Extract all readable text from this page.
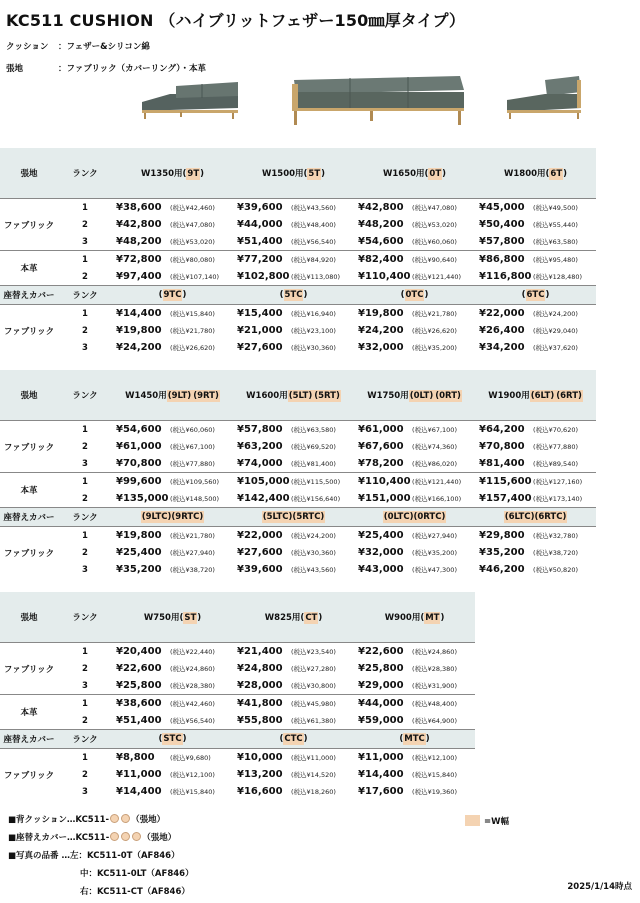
KC511 CUSHION （ハイブリットフェザー150㎜厚タイプ）
クッション ：フェザー&シリコン綿
張地	：ファブリック（カバーリング）・本革
張地	ランク	W1350用(9T)		W1500用(5T)		W1650用(0T)		W1800用(6T)	
ファブリック	1	¥38,600	(税込¥42,460)	¥39,600	(税込¥43,560)	¥42,800	(税込¥47,080)	¥45,000	(税込¥49,500)
	2	¥42,800	(税込¥47,080)	¥44,000	(税込¥48,400)	¥48,200	(税込¥53,020)	¥50,400	(税込¥55,440)
	3	¥48,200	(税込¥53,020)	¥51,400	(税込¥56,540)	¥54,600	(税込¥60,060)	¥57,800	(税込¥63,580)
本革	1	¥72,800	(税込¥80,080)	¥77,200	(税込¥84,920)	¥82,400	(税込¥90,640)	¥86,800	(税込¥95,480)
	2	¥97,400	(税込¥107,140)	¥102,800	(税込¥113,080)	¥110,400	(税込¥121,440)	¥116,800	(税込¥128,480)
座替えカバー	ランク	(9TC)		(5TC)		(0TC)		(6TC)	
ファブリック	1	¥14,400	(税込¥15,840)	¥15,400	(税込¥16,940)	¥19,800	(税込¥21,780)	¥22,000	(税込¥24,200)
	2	¥19,800	(税込¥21,780)	¥21,000	(税込¥23,100)	¥24,200	(税込¥26,620)	¥26,400	(税込¥29,040)
	3	¥24,200	(税込¥26,620)	¥27,600	(税込¥30,360)	¥32,000	(税込¥35,200)	¥34,200	(税込¥37,620)
張地	ランク	W1450用(9LT) (9RT)		W1600用(5LT) (5RT)		W1750用(0LT) (0RT)		W1900用(6LT) (6RT)	
ファブリック	1	¥54,600	(税込¥60,060)	¥57,800	(税込¥63,580)	¥61,000	(税込¥67,100)	¥64,200	(税込¥70,620)
	2	¥61,000	(税込¥67,100)	¥63,200	(税込¥69,520)	¥67,600	(税込¥74,360)	¥70,800	(税込¥77,880)
	3	¥70,800	(税込¥77,880)	¥74,000	(税込¥81,400)	¥78,200	(税込¥86,020)	¥81,400	(税込¥89,540)
本革	1	¥99,600	(税込¥109,560)	¥105,000	(税込¥115,500)	¥110,400	(税込¥121,440)	¥115,600	(税込¥127,160)
	2	¥135,000	(税込¥148,500)	¥142,400	(税込¥156,640)	¥151,000	(税込¥166,100)	¥157,400	(税込¥173,140)
座替えカバー	ランク	(9LTC)(9RTC)		(5LTC)(5RTC)		(0LTC)(0RTC)		(6LTC)(6RTC)	
ファブリック	1	¥19,800	(税込¥21,780)	¥22,000	(税込¥24,200)	¥25,400	(税込¥27,940)	¥29,800	(税込¥32,780)
	2	¥25,400	(税込¥27,940)	¥27,600	(税込¥30,360)	¥32,000	(税込¥35,200)	¥35,200	(税込¥38,720)
	3	¥35,200	(税込¥38,720)	¥39,600	(税込¥43,560)	¥43,000	(税込¥47,300)	¥46,200	(税込¥50,820)
張地	ランク	W750用(ST)		W825用(CT)		W900用(MT)	
ファブリック	1	¥20,400	(税込¥22,440)	¥21,400	(税込¥23,540)	¥22,600	(税込¥24,860)
	2	¥22,600	(税込¥24,860)	¥24,800	(税込¥27,280)	¥25,800	(税込¥28,380)
	3	¥25,800	(税込¥28,380)	¥28,000	(税込¥30,800)	¥29,000	(税込¥31,900)
本革	1	¥38,600	(税込¥42,460)	¥41,800	(税込¥45,980)	¥44,000	(税込¥48,400)
	2	¥51,400	(税込¥56,540)	¥55,800	(税込¥61,380)	¥59,000	(税込¥64,900)
座替えカバー	ランク	(STC)		(CTC)		(MTC)	
ファブリック	1	¥8,800	(税込¥9,680)	¥10,000	(税込¥11,000)	¥11,000	(税込¥12,100)
	2	¥11,000	(税込¥12,100)	¥13,200	(税込¥14,520)	¥14,400	(税込¥15,840)
	3	¥14,400	(税込¥15,840)	¥16,600	(税込¥18,260)	¥17,600	(税込¥19,360)
■背クッション…KC511-	（張地）
■座替えカバー…KC511-	（張地）
■写真の品番 …左：KC511-0T（AF846）
中：KC511-0LT（AF846）
右：KC511-CT（AF846）
=W幅
2025/1/14時点
